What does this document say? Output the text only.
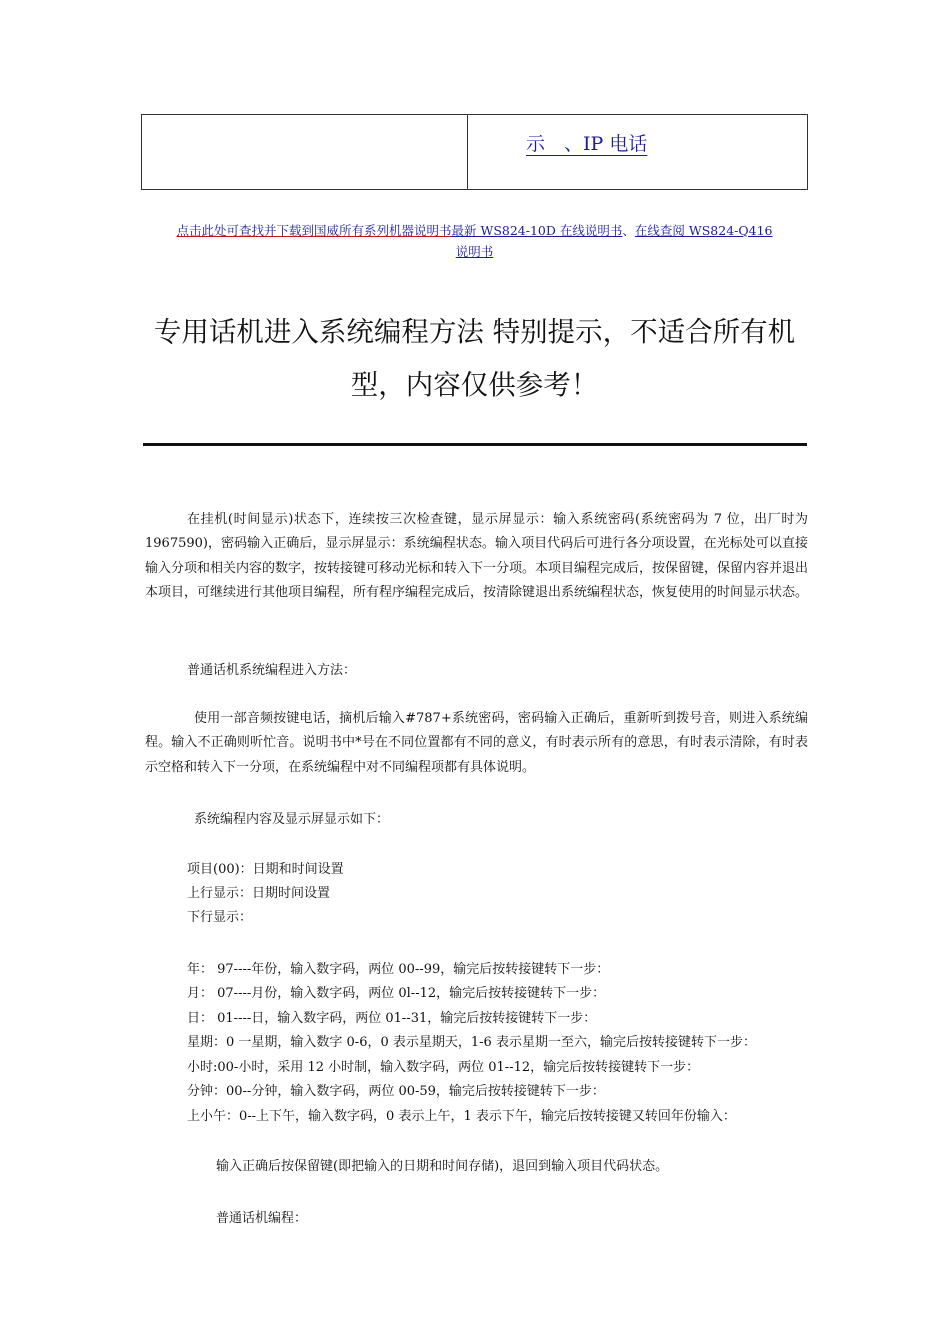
示　、IP 电话
点击此处可查找并下载到国威所有系列机器说明书最新 WS824-10D 在线说明书、在线查阅 WS824-Q416
说明书
专用话机进入系统编程方法 特别提示，不适合所有机
型，内容仅供参考！

在挂机(时间显示)状态下，连续按三次检查键，显示屏显示：输入系统密码(系统密码为 7 位，出厂时为 1967590)，密码输入正确后，显示屏显示：系统编程状态。输入项目代码后可进行各分项设置，在光标处可以直接输入分项和相关内容的数字，按转接键可移动光标和转入下一分项。本项目编程完成后，按保留键，保留内容并退出本项目，可继续进行其他项目编程，所有程序编程完成后，按清除键退出系统编程状态，恢复使用的时间显示状态。

普通话机系统编程进入方法：

使用一部音频按键电话，摘机后输入#787+系统密码，密码输入正确后，重新听到拨号音，则进入系统编程。输入不正确则听忙音。说明书中*号在不同位置都有不同的意义，有时表示所有的意思，有时表示清除，有时表示空格和转入下一分项，在系统编程中对不同编程项都有具体说明。

系统编程内容及显示屏显示如下：

项目(00)：日期和时间设置
上行显示：日期时间设置
下行显示：
年： 97----年份，输入数字码，两位 00--99，输完后按转接键转下一步：
月： 07----月份，输入数字码，两位 0l--12，输完后按转接键转下一步：
日： 01----日，输入数字码，两位 01--31，输完后按转接键转下一步：
星期：0 一星期，输入数字 0-6，0 表示星期天，1-6 表示星期一至六，输完后按转接键转下一步：
小时:00-小时，采用 12 小时制，输入数字码，两位 01--12，输完后按转接键转下一步：
分钟：00--分钟，输入数字码，两位 00-59，输完后按转接键转下一步：
上小午：0--上下午，输入数字码，0 表示上午，1 表示下午，输完后按转接键又转回年份输入：
输入正确后按保留键(即把输入的日期和时间存储)，退回到输入项目代码状态。
普通话机编程：
